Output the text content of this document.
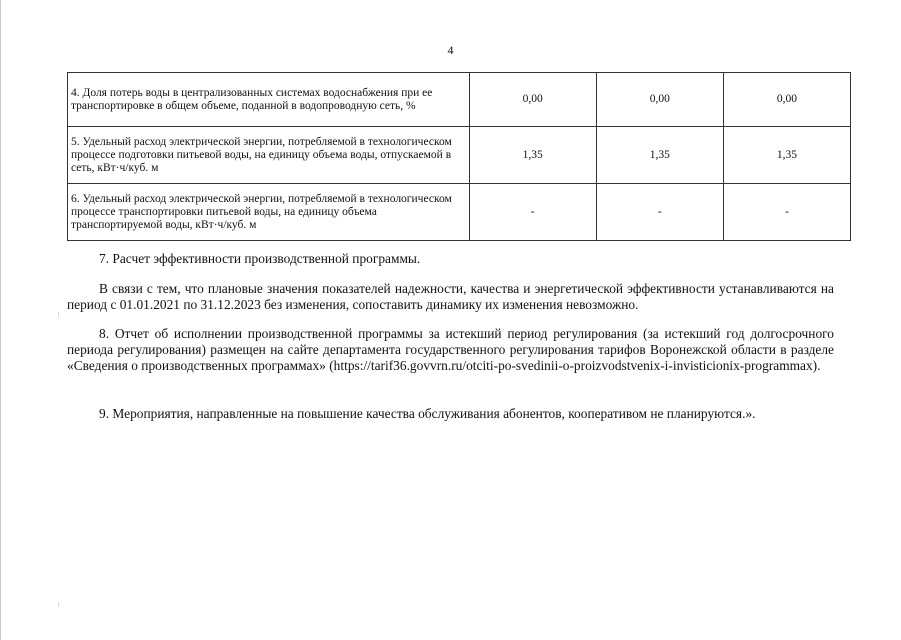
4
4. Доля потерь воды в централизованных системах водоснабжения при ее транспортировке в общем объеме, поданной в водопроводную сеть, %	0,00	0,00	0,00
5. Удельный расход электрической энергии, потребляемой в технологическом процессе подготовки питьевой воды, на единицу объема воды, отпускаемой в сеть, кВт·ч/куб. м	1,35	1,35	1,35
6. Удельный расход электрической энергии, потребляемой в технологическом процессе транспортировки питьевой воды, на единицу объема транспортируемой воды, кВт·ч/куб. м	-	-	-

7. Расчет эффективности производственной программы.

В связи с тем, что плановые значения показателей надежности, качества и энергетической эффективности устанавливаются на период с 01.01.2021 по 31.12.2023 без изменения, сопоставить динамику их изменения невозможно.

8. Отчет об исполнении производственной программы за истекший период регулирования (за истекший год долгосрочного периода регулирования) размещен на сайте департамента государственного регулирования тарифов Воронежской области в разделе «Сведения о производственных программах» (https://tarif36.govvrn.ru/otciti-po-svedinii-o-proizvodstvenix-i-invisticionix-programmax).

9. Мероприятия, направленные на повышение качества обслуживания абонентов, кооперативом не планируются.».
